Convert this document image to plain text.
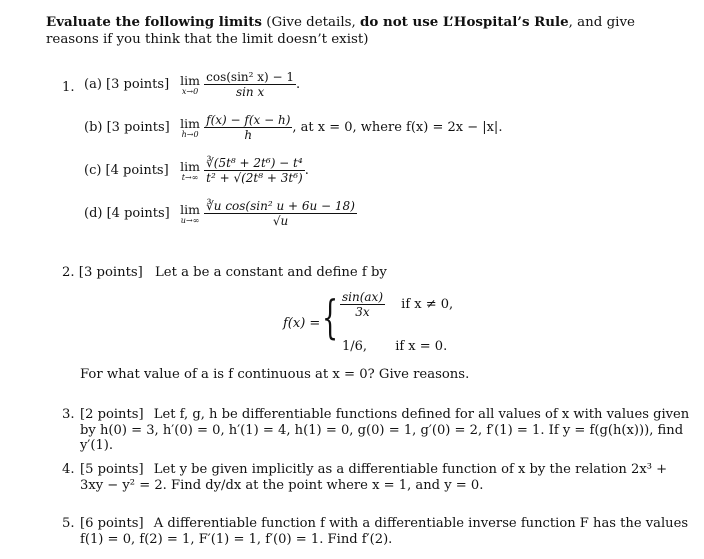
Evaluate the following limits (Give details, do not use L’Hospital’s Rule, and give reasons if you think that the limit doesn’t exist)
1. (a) [3 points] lim
x→0
$\frac{\text{cos(sin² x) − 1}}{\text{sin x}}$ .
(b) [3 points] lim
h→0
$\frac{f(x) - f(x - h)}{h}$ , at x = 0, where f(x) = 2x − |x|.
(c) [4 points] lim
t→∞
$\frac{\text{∛(5t⁸ + 2t⁶) − t⁴}}{\text{t² + √(2t⁸ + 3t⁶)}}$ .
(d) [4 points] lim
u→∞
$\frac{\text{∛u cos(sin² u + 6u − 18)}}{√u}$
2. [3 points] Let a be a constant and define f by
f(x) = { $\frac{\sin(ax)}{3x}$ if x ≠ 0,
1/6, if x = 0.
For what value of a is f continuous at x = 0? Give reasons.
3. [2 points] Let f, g, h be differentiable functions defined for all values of x with values given by h(0) = 3, h′(0) = 0, h′(1) = 4, h(1) = 0, g(0) = 1, g′(0) = 2, f′(1) = 1. If y = f(g(h(x))), find y′(1).
4. [5 points] Let y be given implicitly as a differentiable function of x by the relation 2x³ + 3xy − y² = 2. Find dy/dx at the point where x = 1, and y = 0.
5. [6 points] A differentiable function f with a differentiable inverse function F has the values f(1) = 0, f(2) = 1, F′(1) = 1, f′(0) = 1. Find f′(2).
